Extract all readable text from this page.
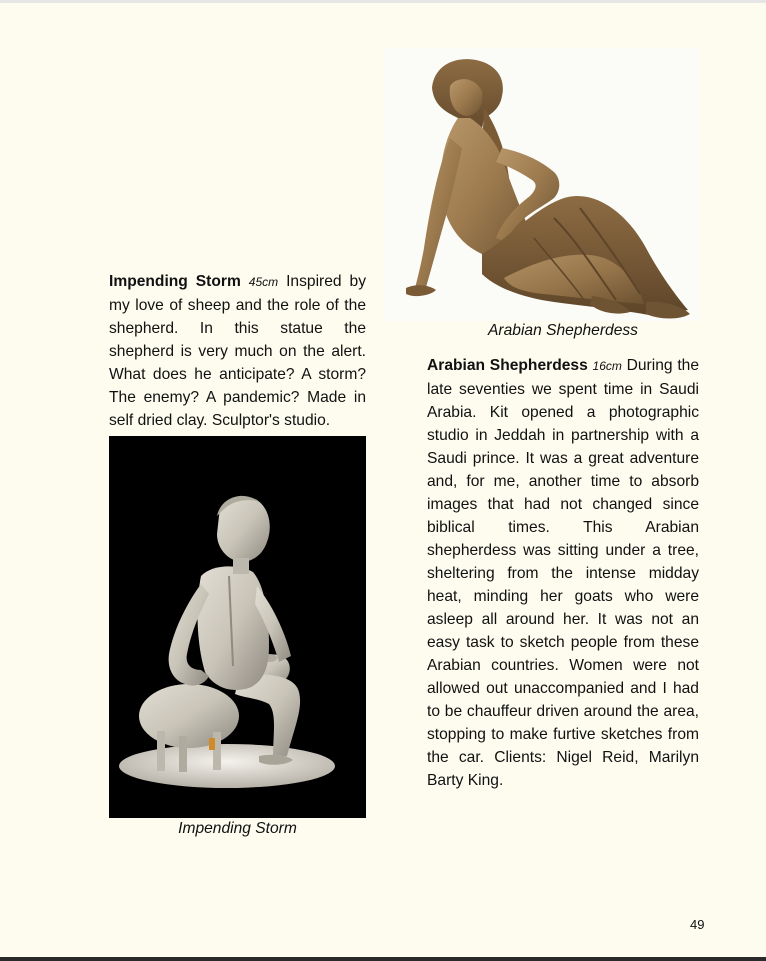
Arabian Shepherdess

Impending Storm 45cm Inspired by my love of sheep and the role of the shepherd. In this statue the shepherd is very much on the alert. What does he anticipate? A storm? The enemy? A pandemic? Made in self dried clay. Sculptor's studio.

Impending Storm

Arabian Shepherdess 16cm During the late seventies we spent time in Saudi Arabia. Kit opened a photographic studio in Jeddah in partnership with a Saudi prince. It was a great adventure and, for me, another time to absorb images that had not changed since biblical times. This Arabian shepherdess was sitting under a tree, sheltering from the intense midday heat, minding her goats who were asleep all around her. It was not an easy task to sketch people from these Arabian countries. Women were not allowed out unaccompanied and I had to be chauffeur driven around the area, stopping to make furtive sketches from the car. Clients: Nigel Reid, Marilyn Barty King.

49
